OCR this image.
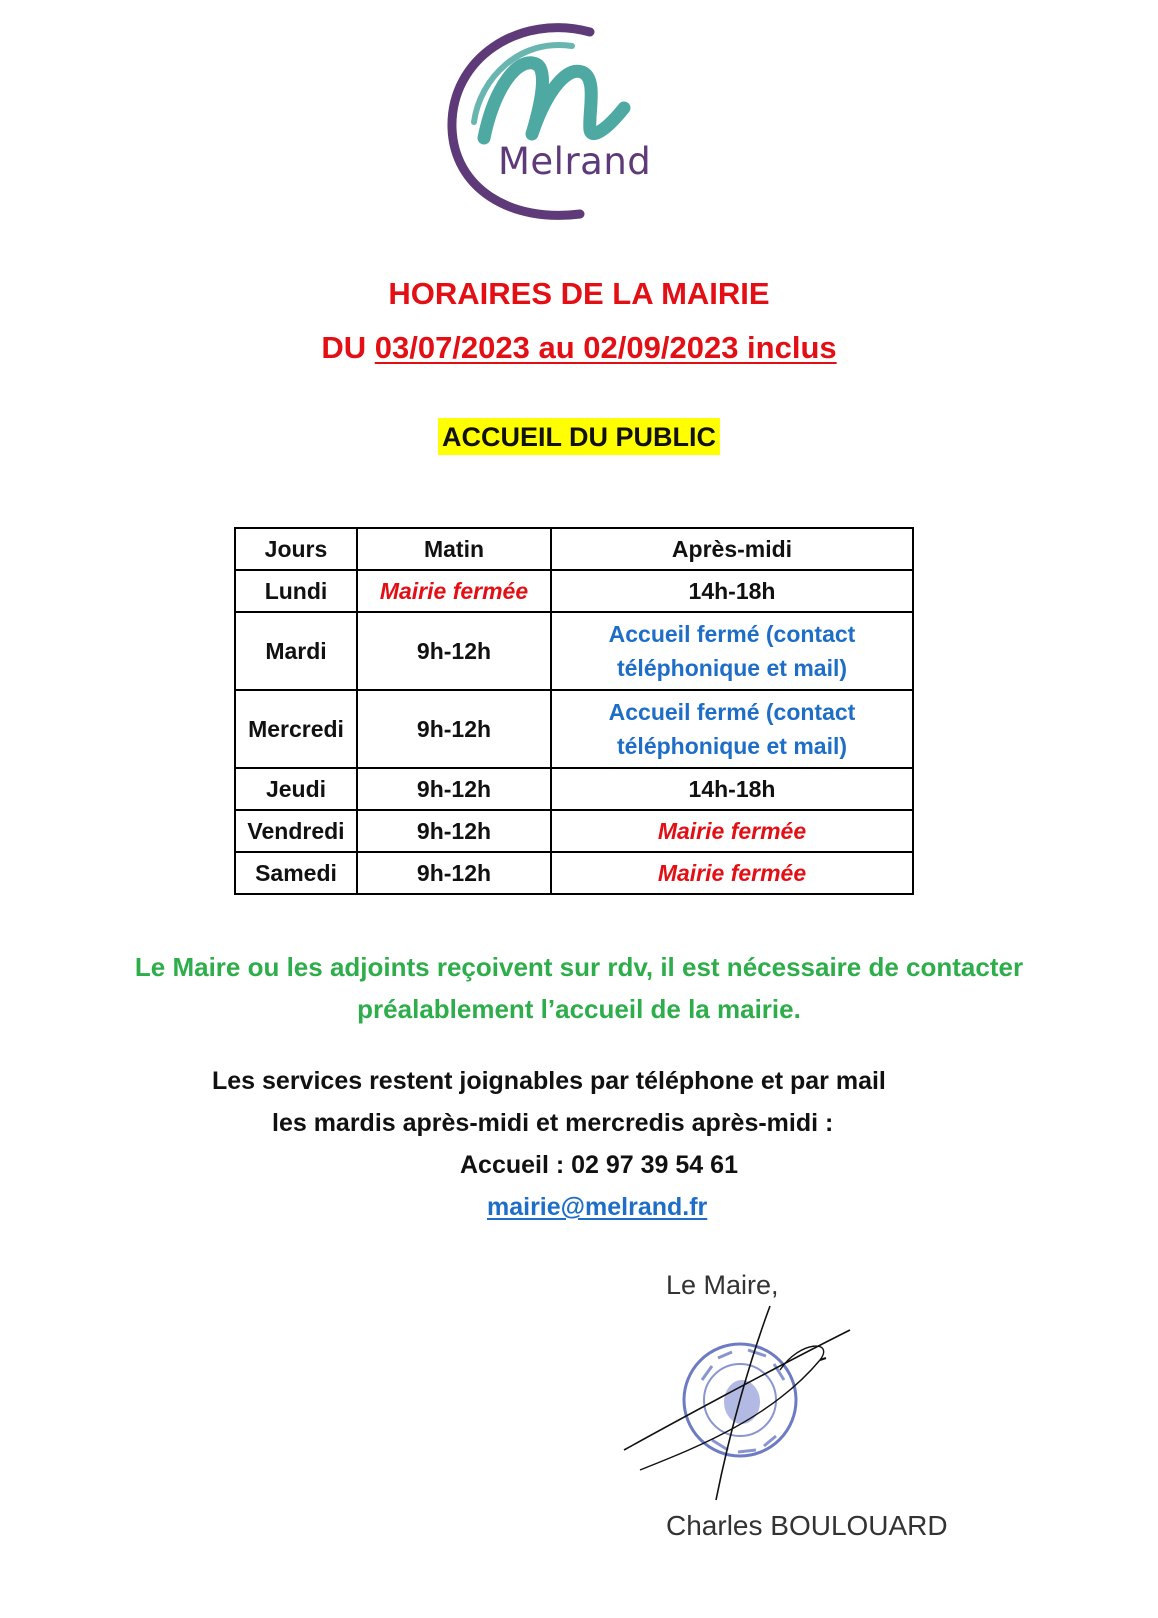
Melrand
HORAIRES DE LA MAIRIE
DU 03/07/2023 au 02/09/2023 inclus
ACCUEIL DU PUBLIC
Jours	Matin	Après-midi
Lundi	Mairie fermée	14h-18h
Mardi	9h-12h	Accueil fermé (contact téléphonique et mail)
Mercredi	9h-12h	Accueil fermé (contact téléphonique et mail)
Jeudi	9h-12h	14h-18h
Vendredi	9h-12h	Mairie fermée
Samedi	9h-12h	Mairie fermée
Le Maire ou les adjoints reçoivent sur rdv, il est nécessaire de contacter
préalablement l’accueil de la mairie.
Les services restent joignables par téléphone et par mail
les mardis après-midi et mercredis après-midi :
Accueil : 02 97 39 54 61
mairie@melrand.fr
Le Maire,
Charles BOULOUARD
